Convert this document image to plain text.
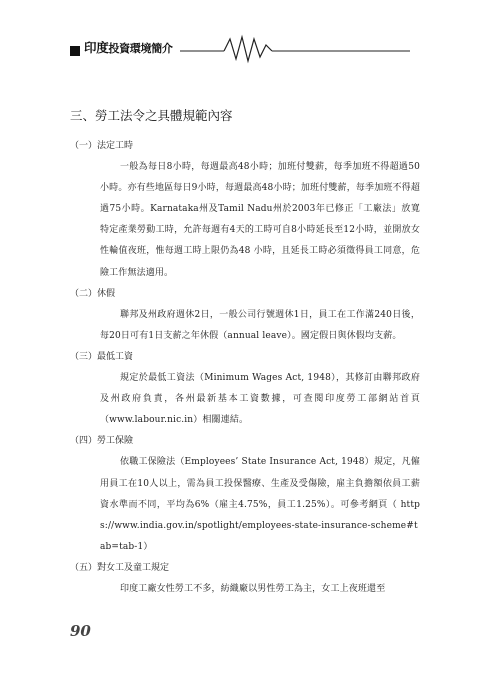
印度投資環境簡介
三、勞工法令之具體規範內容

（一）法定工時

一般為每日8小時，每週最高48小時；加班付雙薪，每季加班不得超過50小時。亦有些地區每日9小時，每週最高48小時；加班付雙薪，每季加班不得超過75小時。Karnataka州及Tamil Nadu州於2003年已修正「工廠法」放寬特定產業勞動工時，允許每週有4天的工時可自8小時延長至12小時，並開放女性輪值夜班，惟每週工時上限仍為48 小時，且延長工時必須徵得員工同意，危險工作無法適用。

（二）休假

聯邦及州政府週休2日，一般公司行號週休1日，員工在工作滿240日後，每20日可有1日支薪之年休假（annual leave）。國定假日與休假均支薪。

（三）最低工資

規定於最低工資法（Minimum Wages Act, 1948），其修訂由聯邦政府及州政府負責，各州最新基本工資數據，可查閱印度勞工部網站首頁（www.labour.nic.in）相關連結。

（四）勞工保險

依職工保險法（Employees’ State Insurance Act, 1948）規定，凡僱用員工在10人以上，需為員工投保醫療、生產及受傷險，雇主負擔額依員工薪資水準而不同，平均為6%（雇主4.75%，員工1.25%）。可參考網頁（ https://www.india.gov.in/spotlight/employees-state-insurance-scheme#tab=tab-1）

（五）對女工及童工規定

印度工廠女性勞工不多，紡織廠以男性勞工為主，女工上夜班還至

90
